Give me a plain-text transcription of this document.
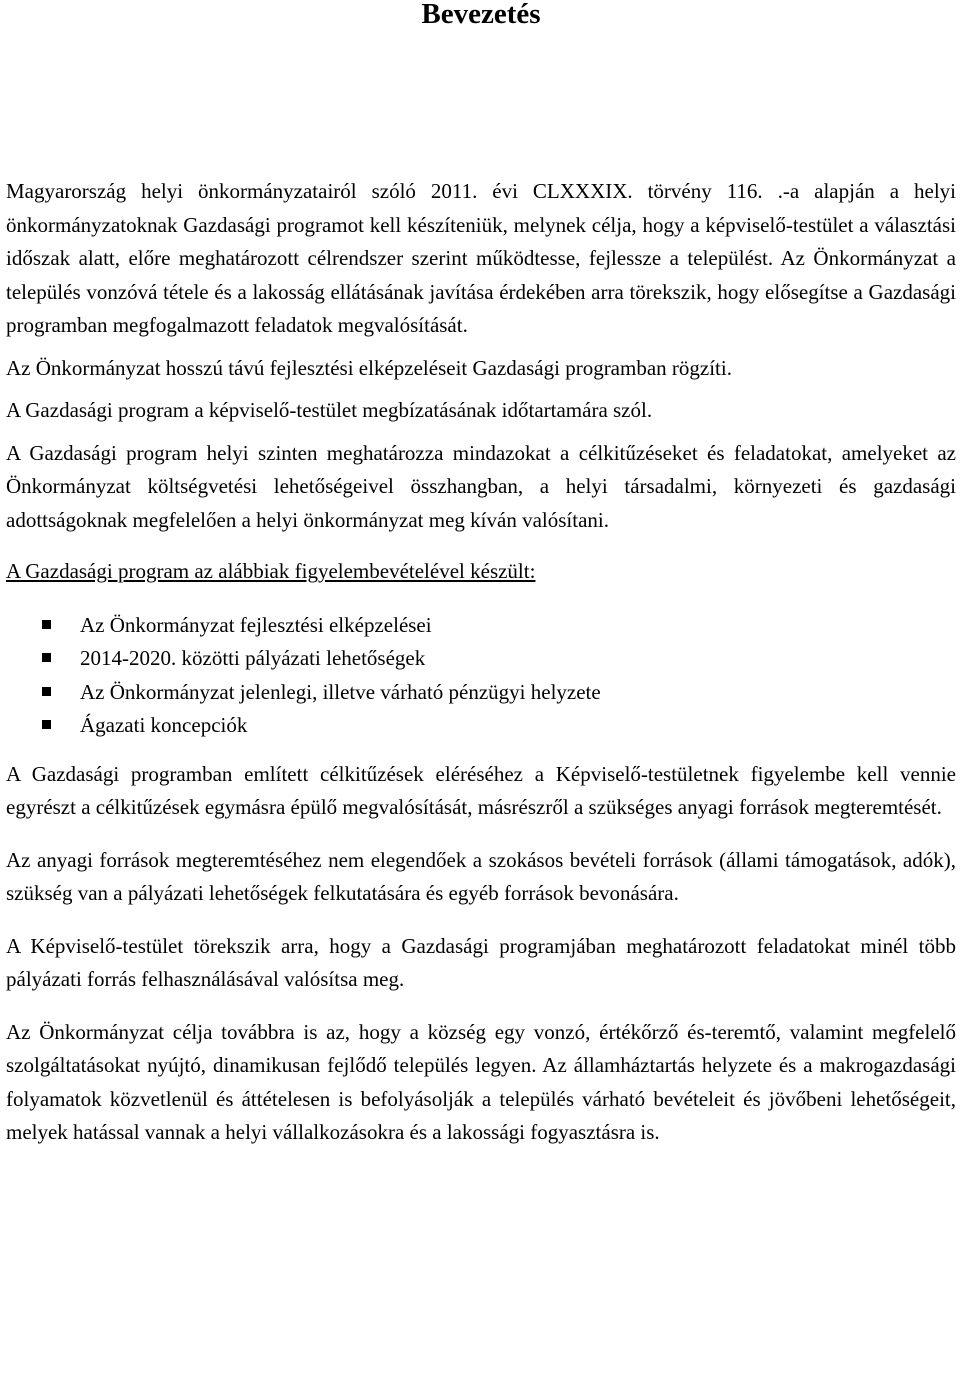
Bevezetés

Magyarország helyi önkormányzatairól szóló 2011. évi CLXXXIX. törvény 116. .-a alapján a helyi önkormányzatoknak Gazdasági programot kell készíteniük, melynek célja, hogy a képviselő-testület a választási időszak alatt, előre meghatározott célrendszer szerint működtesse, fejlessze a települést. Az Önkormányzat a település vonzóvá tétele és a lakosság ellátásának javítása érdekében arra törekszik, hogy elősegítse a Gazdasági programban megfogalmazott feladatok megvalósítását.

Az Önkormányzat hosszú távú fejlesztési elképzeléseit Gazdasági programban rögzíti.

A Gazdasági program a képviselő-testület megbízatásának időtartamára szól.

A Gazdasági program helyi szinten meghatározza mindazokat a célkitűzéseket és feladatokat, amelyeket az Önkormányzat költségvetési lehetőségeivel összhangban, a helyi társadalmi, környezeti és gazdasági adottságoknak megfelelően a helyi önkormányzat meg kíván valósítani.

A Gazdasági program az alábbiak figyelembevételével készült:

Az Önkormányzat fejlesztési elképzelései
2014-2020. közötti pályázati lehetőségek
Az Önkormányzat jelenlegi, illetve várható pénzügyi helyzete
Ágazati koncepciók

A Gazdasági programban említett célkitűzések eléréséhez a Képviselő-testületnek figyelembe kell vennie egyrészt a célkitűzések egymásra épülő megvalósítását, másrészről a szükséges anyagi források megteremtését.

Az anyagi források megteremtéséhez nem elegendőek a szokásos bevételi források (állami támogatások, adók), szükség van a pályázati lehetőségek felkutatására és egyéb források bevonására.

A Képviselő-testület törekszik arra, hogy a Gazdasági programjában meghatározott feladatokat minél több pályázati forrás felhasználásával valósítsa meg.

Az Önkormányzat célja továbbra is az, hogy a község egy vonzó, értékőrző és-teremtő, valamint megfelelő szolgáltatásokat nyújtó, dinamikusan fejlődő település legyen. Az államháztartás helyzete és a makrogazdasági folyamatok közvetlenül és áttételesen is befolyásolják a település várható bevételeit és jövőbeni lehetőségeit, melyek hatással vannak a helyi vállalkozásokra és a lakossági fogyasztásra is.
